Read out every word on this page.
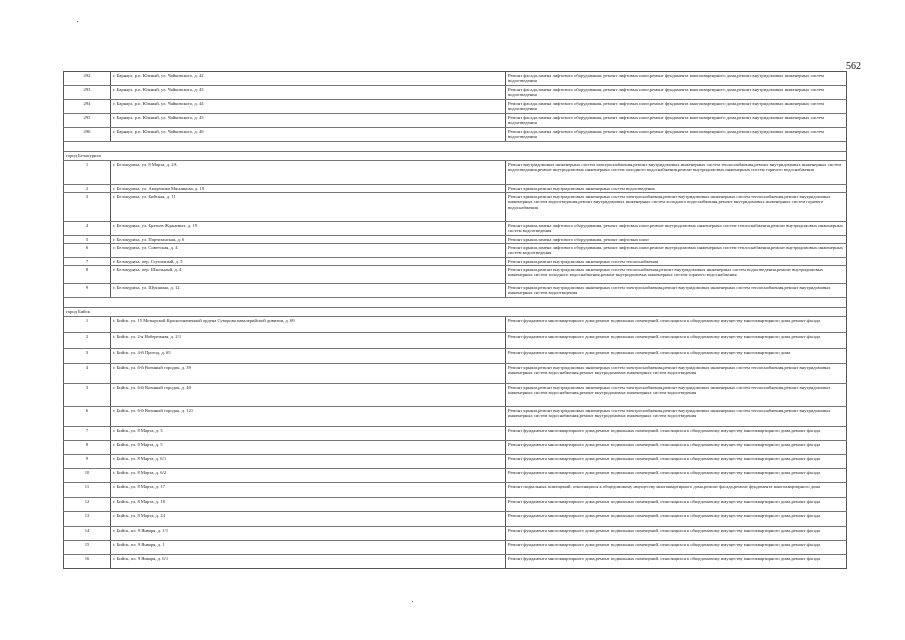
562
292	г. Барнаул, р.п. Южный, ул. Чайковского, д. 42	Ремонт фасада,замена лифтового оборудования, ремонт лифтовых шахт,ремонт фундамента многоквартирного дома,ремонт внутридомовых инженерных систем водоотведения
293	г. Барнаул, р.п. Южный, ул. Чайковского, д. 43	Ремонт фасада,замена лифтового оборудования, ремонт лифтовых шахт,ремонт фундамента многоквартирного дома,ремонт внутридомовых инженерных систем водоотведения
294	г. Барнаул, р.п. Южный, ул. Чайковского, д. 44	Ремонт фасада,замена лифтового оборудования, ремонт лифтовых шахт,ремонт фундамента многоквартирного дома,ремонт внутридомовых инженерных систем водоотведения
295	г. Барнаул, р.п. Южный, ул. Чайковского, д. 45	Ремонт фасада,замена лифтового оборудования, ремонт лифтовых шахт,ремонт фундамента многоквартирного дома,ремонт внутридомовых инженерных систем водоотведения
296	г. Барнаул, р.п. Южный, ул. Чайковского, д. 46	Ремонт фасада,замена лифтового оборудования, ремонт лифтовых шахт,ремонт фундамента многоквартирного дома,ремонт внутридомовых инженерных систем водоотведения
город Белокуриха
1	г. Белокуриха, ул. 8 Марта, д. 2А	Ремонт внутридомовых инженерных систем электроснабжения,ремонт внутридомовых инженерных систем теплоснабжения,ремонт внутридомовых инженерных систем водоотведения,ремонт внутридомовых инженерных систем холодного водоснабжения,ремонт внутридомовых инженерных систем горячего водоснабжения
2	г. Белокуриха, ул. Академика Мясникова, д. 19	Ремонт крыши,ремонт внутридомовых инженерных систем водоотведения
3	г. Белокуриха, ул. Бийская, д. 11	Ремонт крыши,ремонт внутридомовых инженерных систем электроснабжения,ремонт внутридомовых инженерных систем теплоснабжения,ремонт внутридомовых инженерных систем водоотведения,ремонт внутридомовых инженерных систем холодного водоснабжения,ремонт внутридомовых инженерных систем горячего водоснабжения
4	г. Белокуриха, ул. Братьев Ждановых, д. 19	Ремонт крыши,замена лифтового оборудования, ремонт лифтовых шахт,ремонт внутридомовых инженерных систем теплоснабжения,ремонт внутридомовых инженерных систем водоотведения
5	г. Белокуриха, ул. Партизанская, д. 6	Ремонт крыши,замена лифтового оборудования, ремонт лифтовых шахт
6	г. Белокуриха, ул. Советская, д. 4	Ремонт крыши,замена лифтового оборудования, ремонт лифтовых шахт,ремонт внутридомовых инженерных систем теплоснабжения,ремонт внутридомовых инженерных систем водоотведения
7	г. Белокуриха, пер. Ступичный, д. 5	Ремонт крыши,ремонт внутридомовых инженерных систем теплоснабжения
8	г. Белокуриха, пер. Школьный, д. 4	Ремонт крыши,ремонт внутридомовых инженерных систем теплоснабжения,ремонт внутридомовых инженерных систем водоотведения,ремонт внутридомовых инженерных систем холодного водоснабжения,ремонт внутридомовых инженерных систем горячего водоснабжения
9	г. Белокуриха, ул. Шукшина, д. 12	Ремонт крыши,ремонт внутридомовых инженерных систем электроснабжения,ремонт внутридомовых инженерных систем теплоснабжения,ремонт внутридомовых инженерных систем водоотведения
город Бийск
1	г. Бийск, ул. 15 Мозырской Краснознаменной ордена Суворова кавалерийской дивизии, д. 69	Ремонт фундамента многоквартирного дома,ремонт подвальных помещений, относящихся к общедомовому имуществу многоквартирного дома,ремонт фасада
2	г. Бийск, ул. 2-я Набережная, д. 2/1	Ремонт фундамента многоквартирного дома,ремонт подвальных помещений, относящихся к общедомовому имуществу многоквартирного дома,ремонт фасада
3	г. Бийск, ул. 4-й Проезд, д. 65	Ремонт фундамента многоквартирного дома,ремонт подвальных помещений, относящихся к общедомовому имуществу многоквартирного дома
4	г. Бийск, ул. 6-й Военный городок, д. 39	Ремонт крыши,ремонт внутридомовых инженерных систем электроснабжения,ремонт внутридомовых инженерных систем теплоснабжения,ремонт внутридомовых инженерных систем водоснабжения,ремонт внутридомовых инженерных систем водоотведения
5	г. Бийск, ул. 6-й Военный городок, д. 40	Ремонт крыши,ремонт внутридомовых инженерных систем электроснабжения,ремонт внутридомовых инженерных систем теплоснабжения,ремонт внутридомовых инженерных систем водоснабжения,ремонт внутридомовых инженерных систем водоотведения
6	г. Бийск, ул. 6-й Военный городок, д. 121	Ремонт крыши,ремонт внутридомовых инженерных систем электроснабжения,ремонт внутридомовых инженерных систем теплоснабжения,ремонт внутридомовых инженерных систем водоснабжения,ремонт внутридомовых инженерных систем водоотведения
7	г. Бийск, ул. 8 Марта, д. 3	Ремонт фундамента многоквартирного дома,ремонт подвальных помещений, относящихся к общедомовому имуществу многоквартирного дома,ремонт фасада
8	г. Бийск, ул. 8 Марта, д. 5	Ремонт фундамента многоквартирного дома,ремонт подвальных помещений, относящихся к общедомовому имуществу многоквартирного дома,ремонт фасада
9	г. Бийск, ул. 8 Марта, д. 6/1	Ремонт фундамента многоквартирного дома,ремонт подвальных помещений, относящихся к общедомовому имуществу многоквартирного дома,ремонт фасада
10	г. Бийск, ул. 8 Марта, д. 6/2	Ремонт фундамента многоквартирного дома,ремонт подвальных помещений, относящихся к общедомовому имуществу многоквартирного дома,ремонт фасада
11	г. Бийск, ул. 8 Марта, д. 17	Ремонт подвальных помещений, относящихся к общедомовому имуществу многоквартирного дома,ремонт фасада,ремонт фундамента многоквартирного дома
12	г. Бийск, ул. 8 Марта, д. 18	Ремонт фундамента многоквартирного дома,ремонт подвальных помещений, относящихся к общедомовому имуществу многоквартирного дома,ремонт фасада
13	г. Бийск, ул. 8 Марта, д. 24	Ремонт фундамента многоквартирного дома,ремонт подвальных помещений, относящихся к общедомовому имуществу многоквартирного дома,ремонт фасада
14	г. Бийск, пл. 9 Января, д. 1/1	Ремонт фундамента многоквартирного дома,ремонт подвальных помещений, относящихся к общедомовому имуществу многоквартирного дома,ремонт фасада
15	г. Бийск, пл. 9 Января, д. 1	Ремонт фундамента многоквартирного дома,ремонт подвальных помещений, относящихся к общедомовому имуществу многоквартирного дома,ремонт фасада
16	г. Бийск, пл. 9 Января, д. 6/1	Ремонт фундамента многоквартирного дома,ремонт подвальных помещений, относящихся к общедомовому имуществу многоквартирного дома,ремонт фасада
